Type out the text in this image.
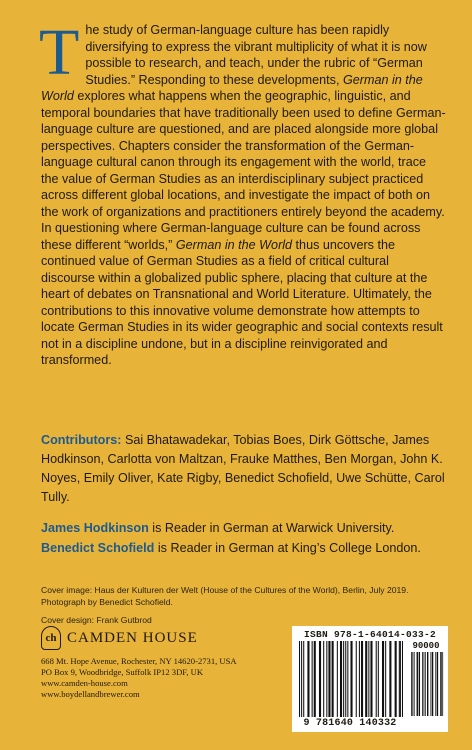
The study of German-language culture has been rapidly diversifying to express the vibrant multiplicity of what it is now possible to research, and teach, under the rubric of “German Studies.” Responding to these developments, German in the World explores what happens when the geographic, linguistic, and temporal boundaries that have traditionally been used to define German-language culture are questioned, and are placed alongside more global perspectives. Chapters consider the transformation of the German-language cultural canon through its engagement with the world, trace the value of German Studies as an interdisciplinary subject practiced across different global locations, and investigate the impact of both on the work of organizations and practitioners entirely beyond the academy. In questioning where German-language culture can be found across these different “worlds,” German in the World thus uncovers the continued value of German Studies as a field of critical cultural discourse within a globalized public sphere, placing that culture at the heart of debates on Transnational and World Literature. Ultimately, the contributions to this innovative volume demonstrate how attempts to locate German Studies in its wider geographic and social contexts result not in a discipline undone, but in a discipline reinvigorated and transformed.
Contributors: Sai Bhatawadekar, Tobias Boes, Dirk Göttsche, James Hodkinson, Carlotta von Maltzan, Frauke Matthes, Ben Morgan, John K. Noyes, Emily Oliver, Kate Rigby, Benedict Schofield, Uwe Schütte, Carol Tully.
James Hodkinson is Reader in German at Warwick University.
Benedict Schofield is Reader in German at King’s College London.

Cover image: Haus der Kulturen der Welt (House of the Cultures of the World), Berlin, July 2019. Photograph by Benedict Schofield.

Cover design: Frank Gutbrod

ch CAMDEN HOUSE

668 Mt. Hope Avenue, Rochester, NY 14620-2731, USA

PO Box 9, Woodbridge, Suffolk IP12 3DF, UK

www.camden-house.com

www.boydellandbrewer.com

ISBN 978-1-64014-033-2
90000
9 781640 140332
